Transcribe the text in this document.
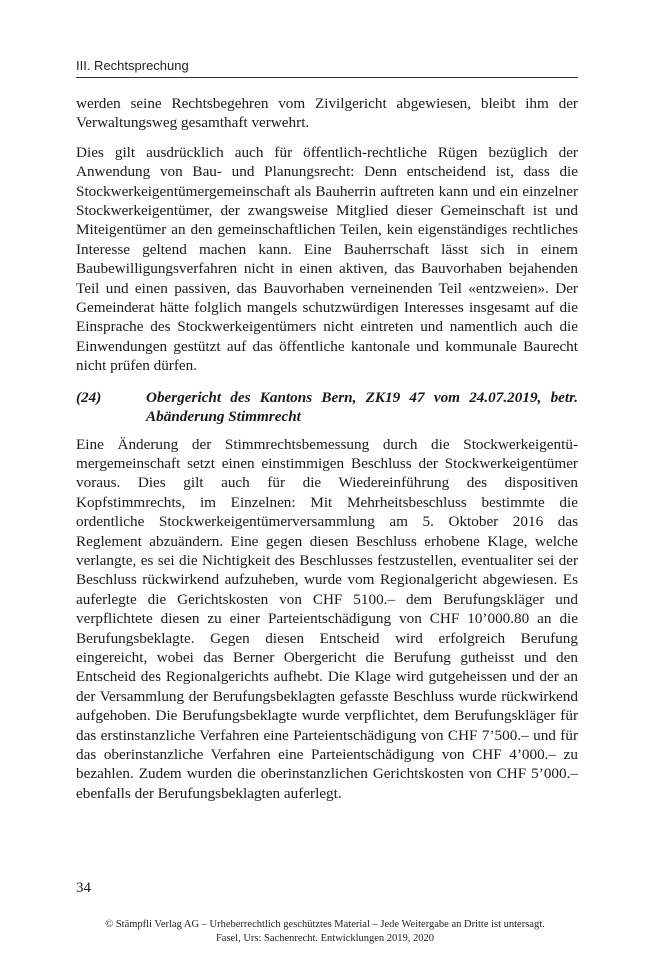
III. Rechtsprechung

werden seine Rechtsbegehren vom Zivilgericht abgewiesen, bleibt ihm der Verwaltungsweg gesamthaft verwehrt.

Dies gilt ausdrücklich auch für öffentlich-rechtliche Rügen bezüglich der Anwendung von Bau- und Planungsrecht: Denn entscheidend ist, dass die Stockwerkeigentümergemeinschaft als Bauherrin auftreten kann und ein einzelner Stockwerkeigentümer, der zwangsweise Mitglied dieser Gemeinschaft ist und Miteigentümer an den gemeinschaftlichen Teilen, kein eigenständiges rechtliches Interesse geltend machen kann. Eine Bauherrschaft lässt sich in einem Baubewilligungsverfahren nicht in einen aktiven, das Bauvorhaben bejahenden Teil und einen passiven, das Bauvorhaben verneinenden Teil «entzweien». Der Gemeinderat hätte folglich mangels schutzwürdigen Interesses insgesamt auf die Einsprache des Stockwerkeigentümers nicht eintreten und namentlich auch die Einwendungen gestützt auf das öffentliche kantonale und kommunale Baurecht nicht prüfen dürfen.

(24)	Obergericht des Kantons Bern, ZK19 47 vom 24.07.2019, betr. Abänderung Stimmrecht

Eine Änderung der Stimmrechtsbemessung durch die Stockwerkeigentümergemeinschaft setzt einen einstimmigen Beschluss der Stockwerkeigentümer voraus. Dies gilt auch für die Wiedereinführung des dispositiven Kopfstimmrechts, im Einzelnen: Mit Mehrheitsbeschluss bestimmte die ordentliche Stockwerkeigentümerversammlung am 5. Oktober 2016 das Reglement abzuändern. Eine gegen diesen Beschluss erhobene Klage, welche verlangte, es sei die Nichtigkeit des Beschlusses festzustellen, eventualiter sei der Beschluss rückwirkend aufzuheben, wurde vom Regionalgericht abgewiesen. Es auferlegte die Gerichtskosten von CHF 5100.– dem Berufungskläger und verpflichtete diesen zu einer Parteientschädigung von CHF 10’000.80 an die Berufungsbeklagte. Gegen diesen Entscheid wird erfolgreich Berufung eingereicht, wobei das Berner Obergericht die Berufung gutheisst und den Entscheid des Regionalgerichts aufhebt. Die Klage wird gutgeheissen und der an der Versammlung der Berufungsbeklagten gefasste Beschluss wurde rückwirkend aufgehoben. Die Berufungsbeklagte wurde verpflichtet, dem Berufungskläger für das erstinstanzliche Verfahren eine Parteientschädigung von CHF 7’500.– und für das oberinstanzliche Verfahren eine Parteientschädigung von CHF 4’000.– zu bezahlen. Zudem wurden die oberinstanzlichen Gerichtskosten von CHF 5’000.– ebenfalls der Berufungsbeklagten auferlegt.

34
© Stämpfli Verlag AG – Urheberrechtlich geschütztes Material – Jede Weitergabe an Dritte ist untersagt.
Fasel, Urs: Sachenrecht. Entwicklungen 2019, 2020
